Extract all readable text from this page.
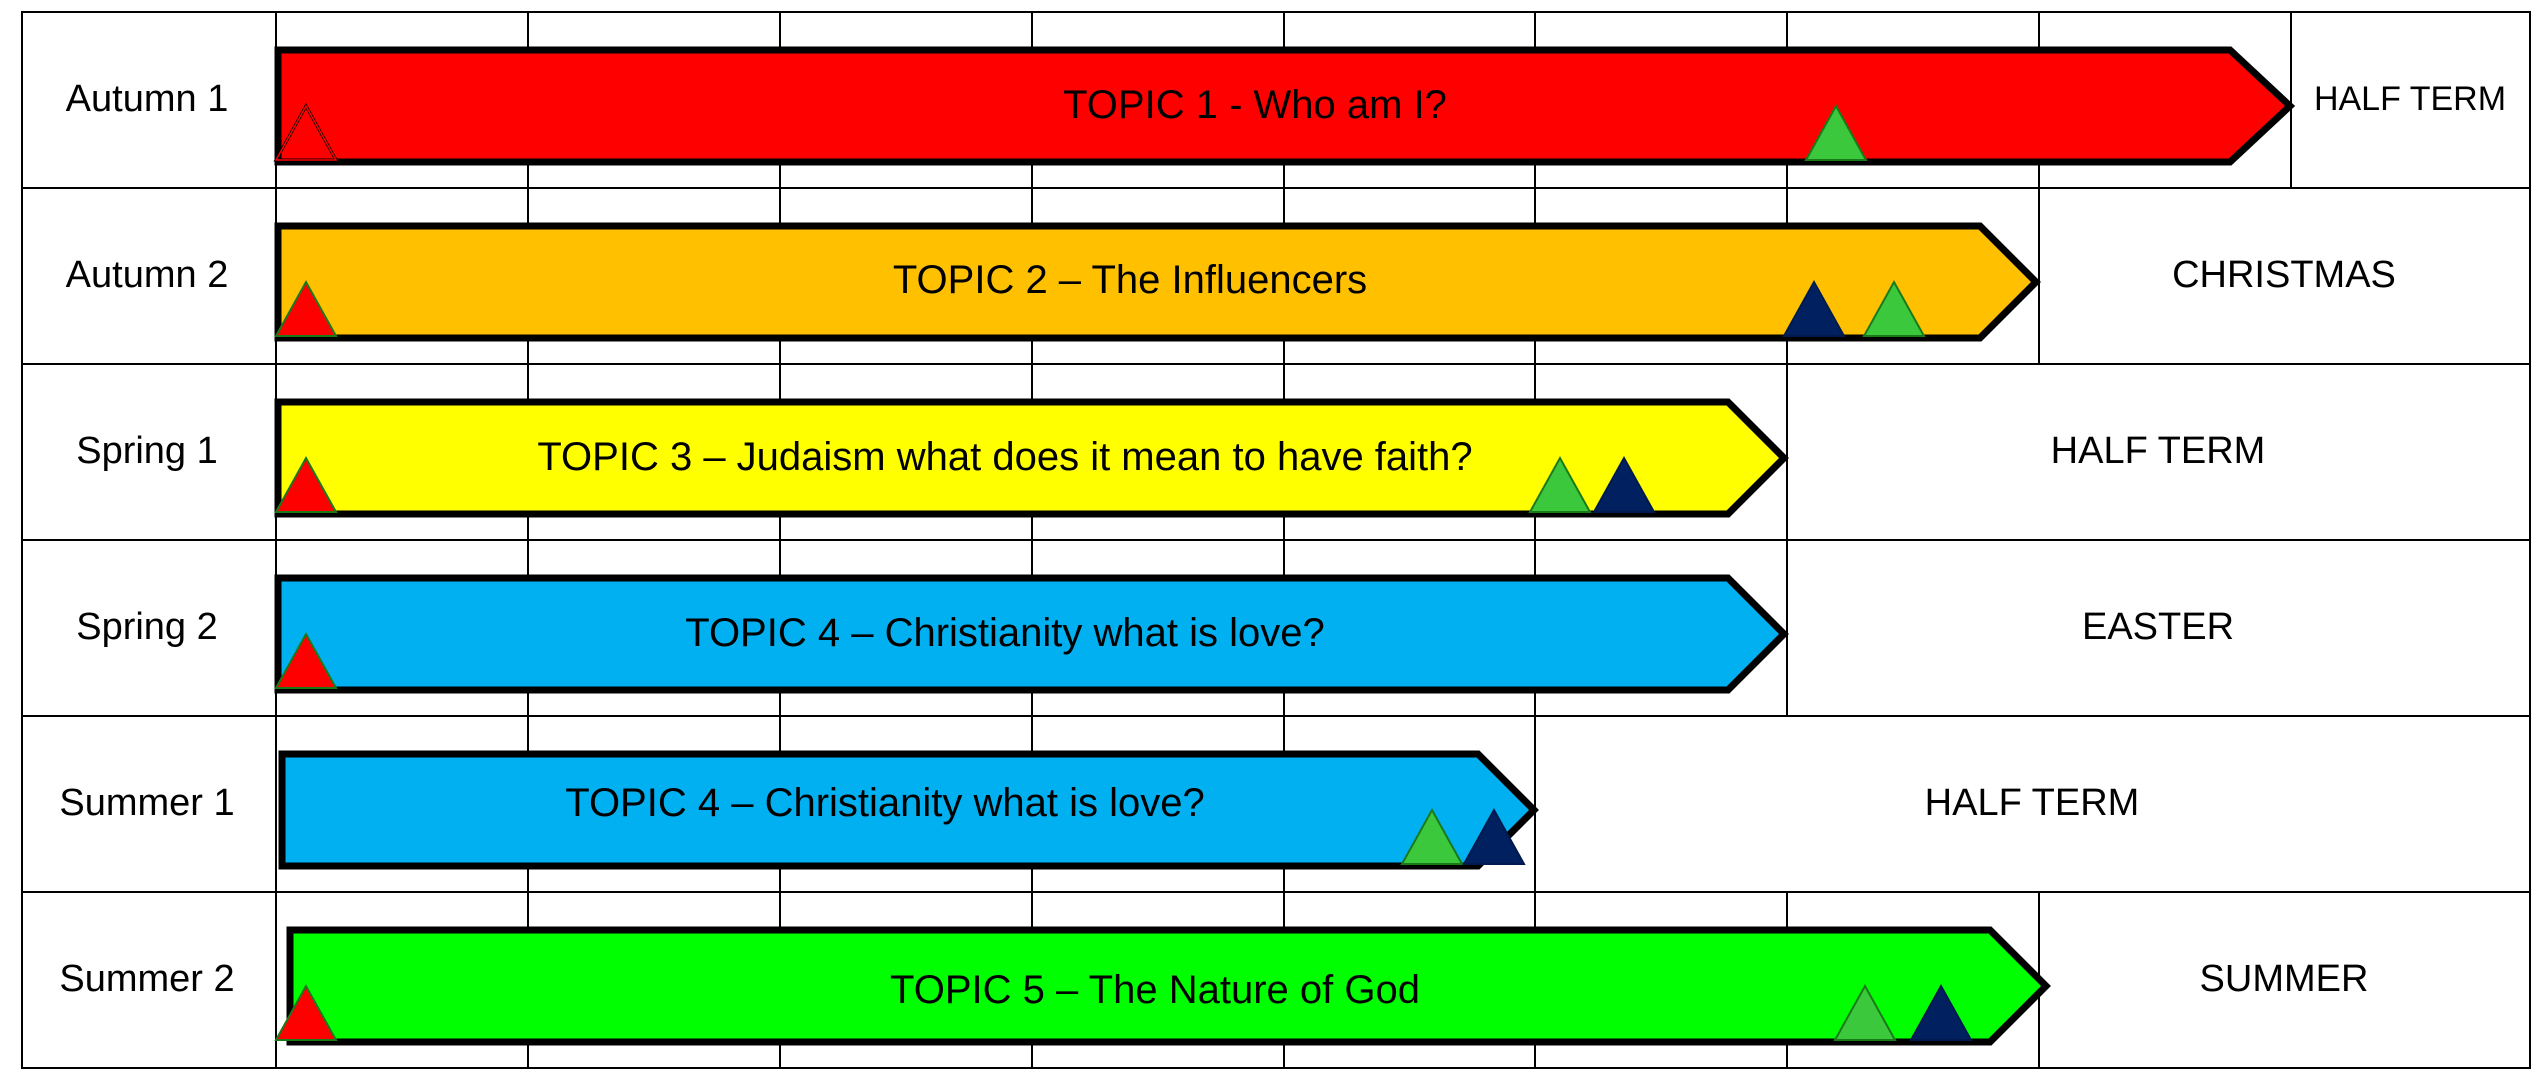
Autumn 1
Autumn 2
Spring 1
Spring 2
Summer 1
Summer 2
TOPIC 1 - Who am I?
TOPIC 2 – The Influencers
TOPIC 3 – Judaism what does it mean to have faith?
TOPIC 4 – Christianity what is love?
TOPIC 4 – Christianity what is love?
TOPIC 5 – The Nature of God
HALF TERM
CHRISTMAS
HALF TERM
EASTER
HALF TERM
SUMMER
